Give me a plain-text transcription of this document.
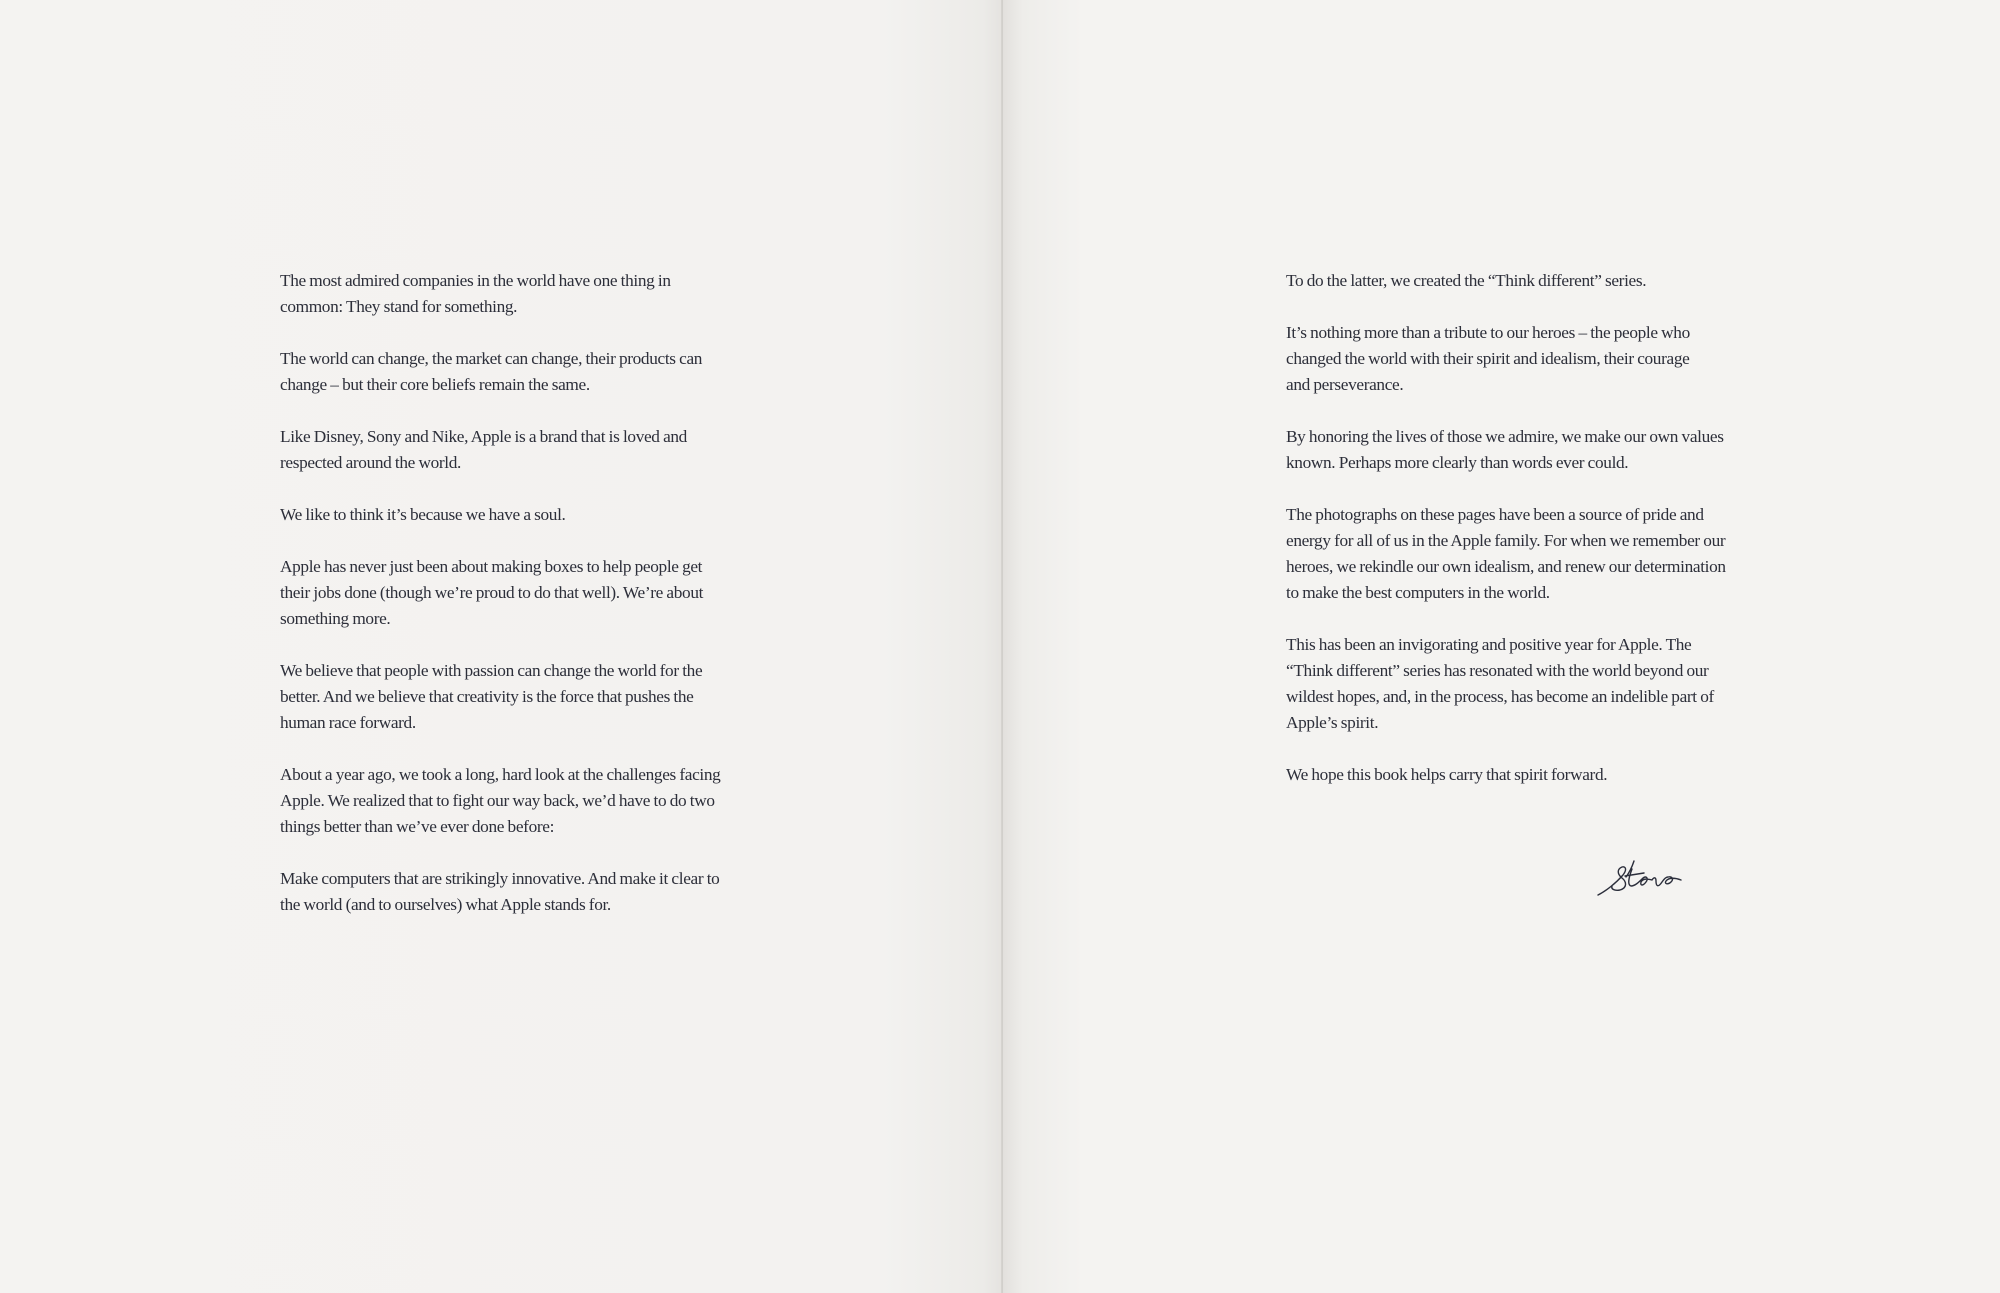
The most admired companies in the world have one thing in
common: They stand for something.

The world can change, the market can change, their products can
change – but their core beliefs remain the same.

Like Disney, Sony and Nike, Apple is a brand that is loved and
respected around the world.

We like to think it’s because we have a soul.

Apple has never just been about making boxes to help people get
their jobs done (though we’re proud to do that well). We’re about
something more.

We believe that people with passion can change the world for the
better. And we believe that creativity is the force that pushes the
human race forward.

About a year ago, we took a long, hard look at the challenges facing
Apple. We realized that to fight our way back, we’d have to do two
things better than we’ve ever done before:

Make computers that are strikingly innovative. And make it clear to
the world (and to ourselves) what Apple stands for.

To do the latter, we created the “Think different” series.

It’s nothing more than a tribute to our heroes – the people who
changed the world with their spirit and idealism, their courage
and perseverance.

By honoring the lives of those we admire, we make our own values
known. Perhaps more clearly than words ever could.

The photographs on these pages have been a source of pride and
energy for all of us in the Apple family. For when we remember our
heroes, we rekindle our own idealism, and renew our determination
to make the best computers in the world.

This has been an invigorating and positive year for Apple. The
“Think different” series has resonated with the world beyond our
wildest hopes, and, in the process, has become an indelible part of
Apple’s spirit.

We hope this book helps carry that spirit forward.
